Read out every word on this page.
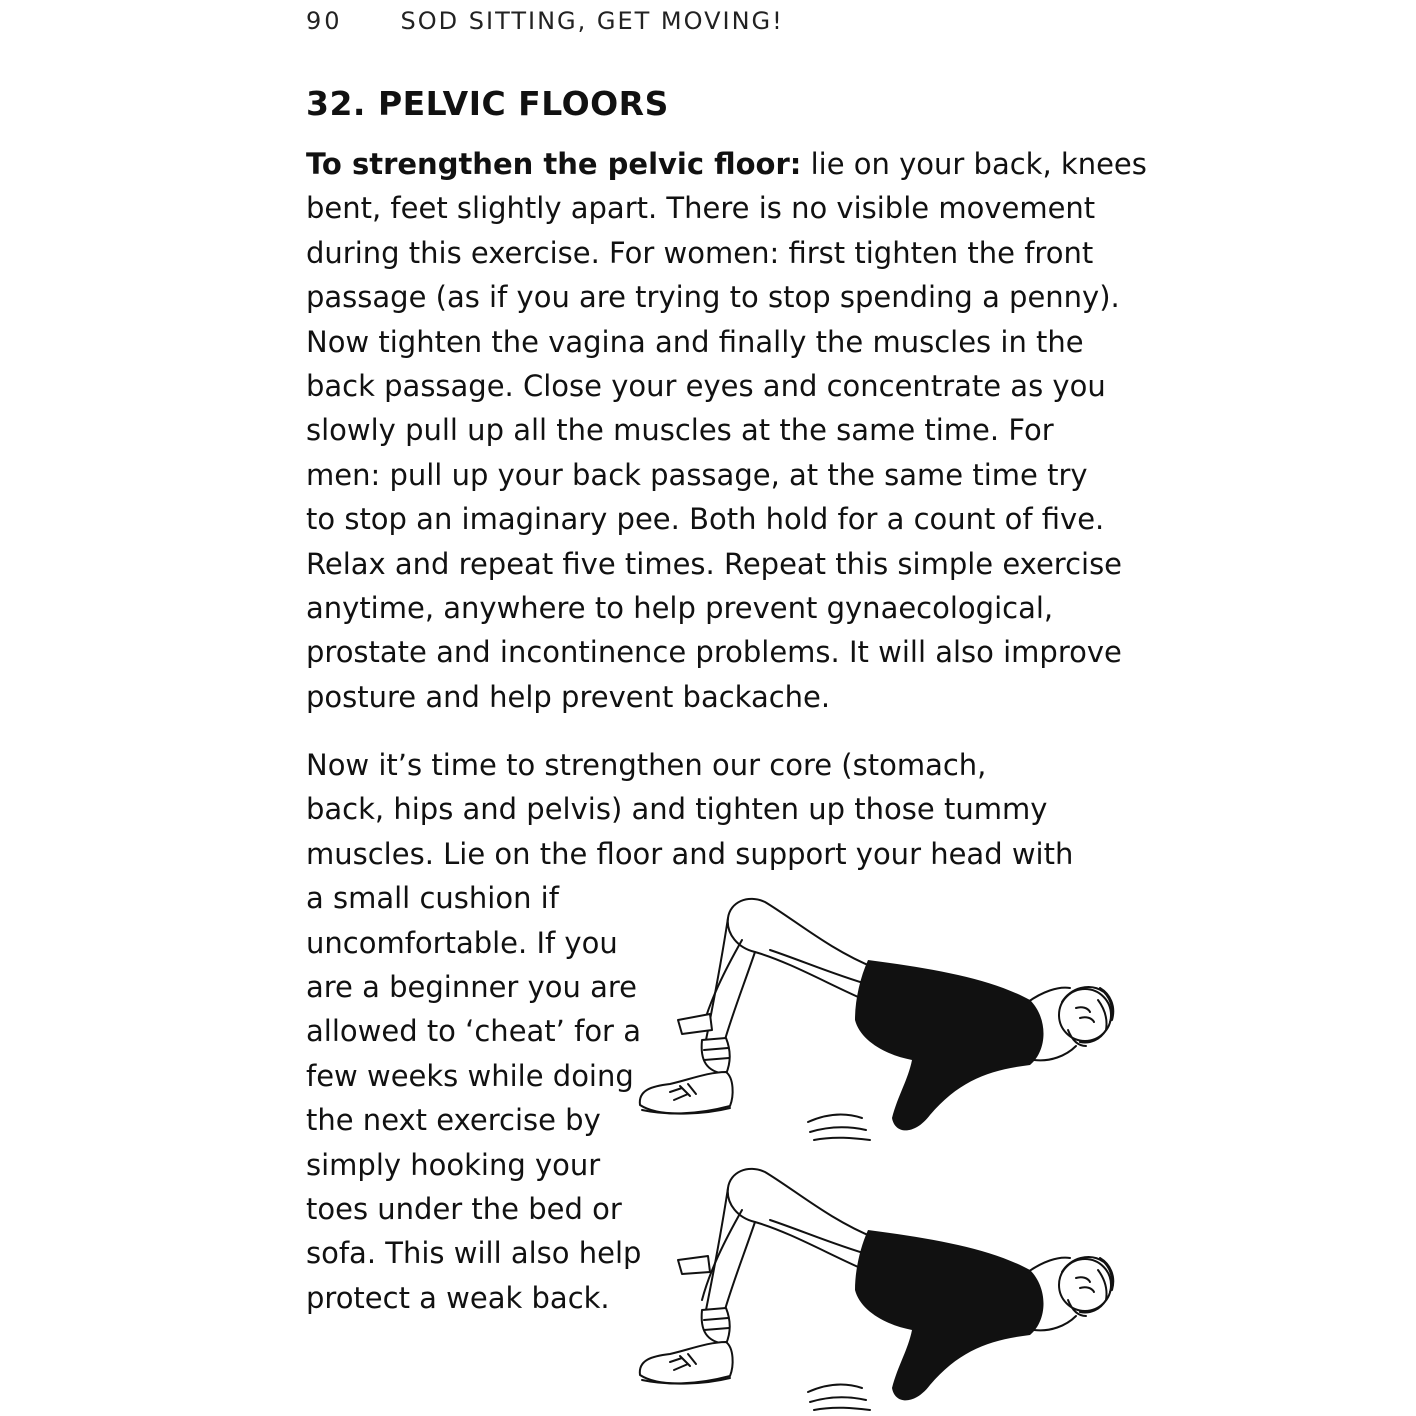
90 SOD SITTING, GET MOVING!
32. PELVIC FLOORS
To strengthen the pelvic floor: lie on your back, knees
bent, feet slightly apart. There is no visible movement
during this exercise. For women: first tighten the front
passage (as if you are trying to stop spending a penny).
Now tighten the vagina and finally the muscles in the
back passage. Close your eyes and concentrate as you
slowly pull up all the muscles at the same time. For
men: pull up your back passage, at the same time try
to stop an imaginary pee. Both hold for a count of five.
Relax and repeat five times. Repeat this simple exercise
anytime, anywhere to help prevent gynaecological,
prostate and incontinence problems. It will also improve
posture and help prevent backache.
Now it’s time to strengthen our core (stomach,
back, hips and pelvis) and tighten up those tummy
muscles. Lie on the floor and support your head with
a small cushion if
uncomfortable. If you
are a beginner you are
allowed to ‘cheat’ for a
few weeks while doing
the next exercise by
simply hooking your
toes under the bed or
sofa. This will also help
protect a weak back.
